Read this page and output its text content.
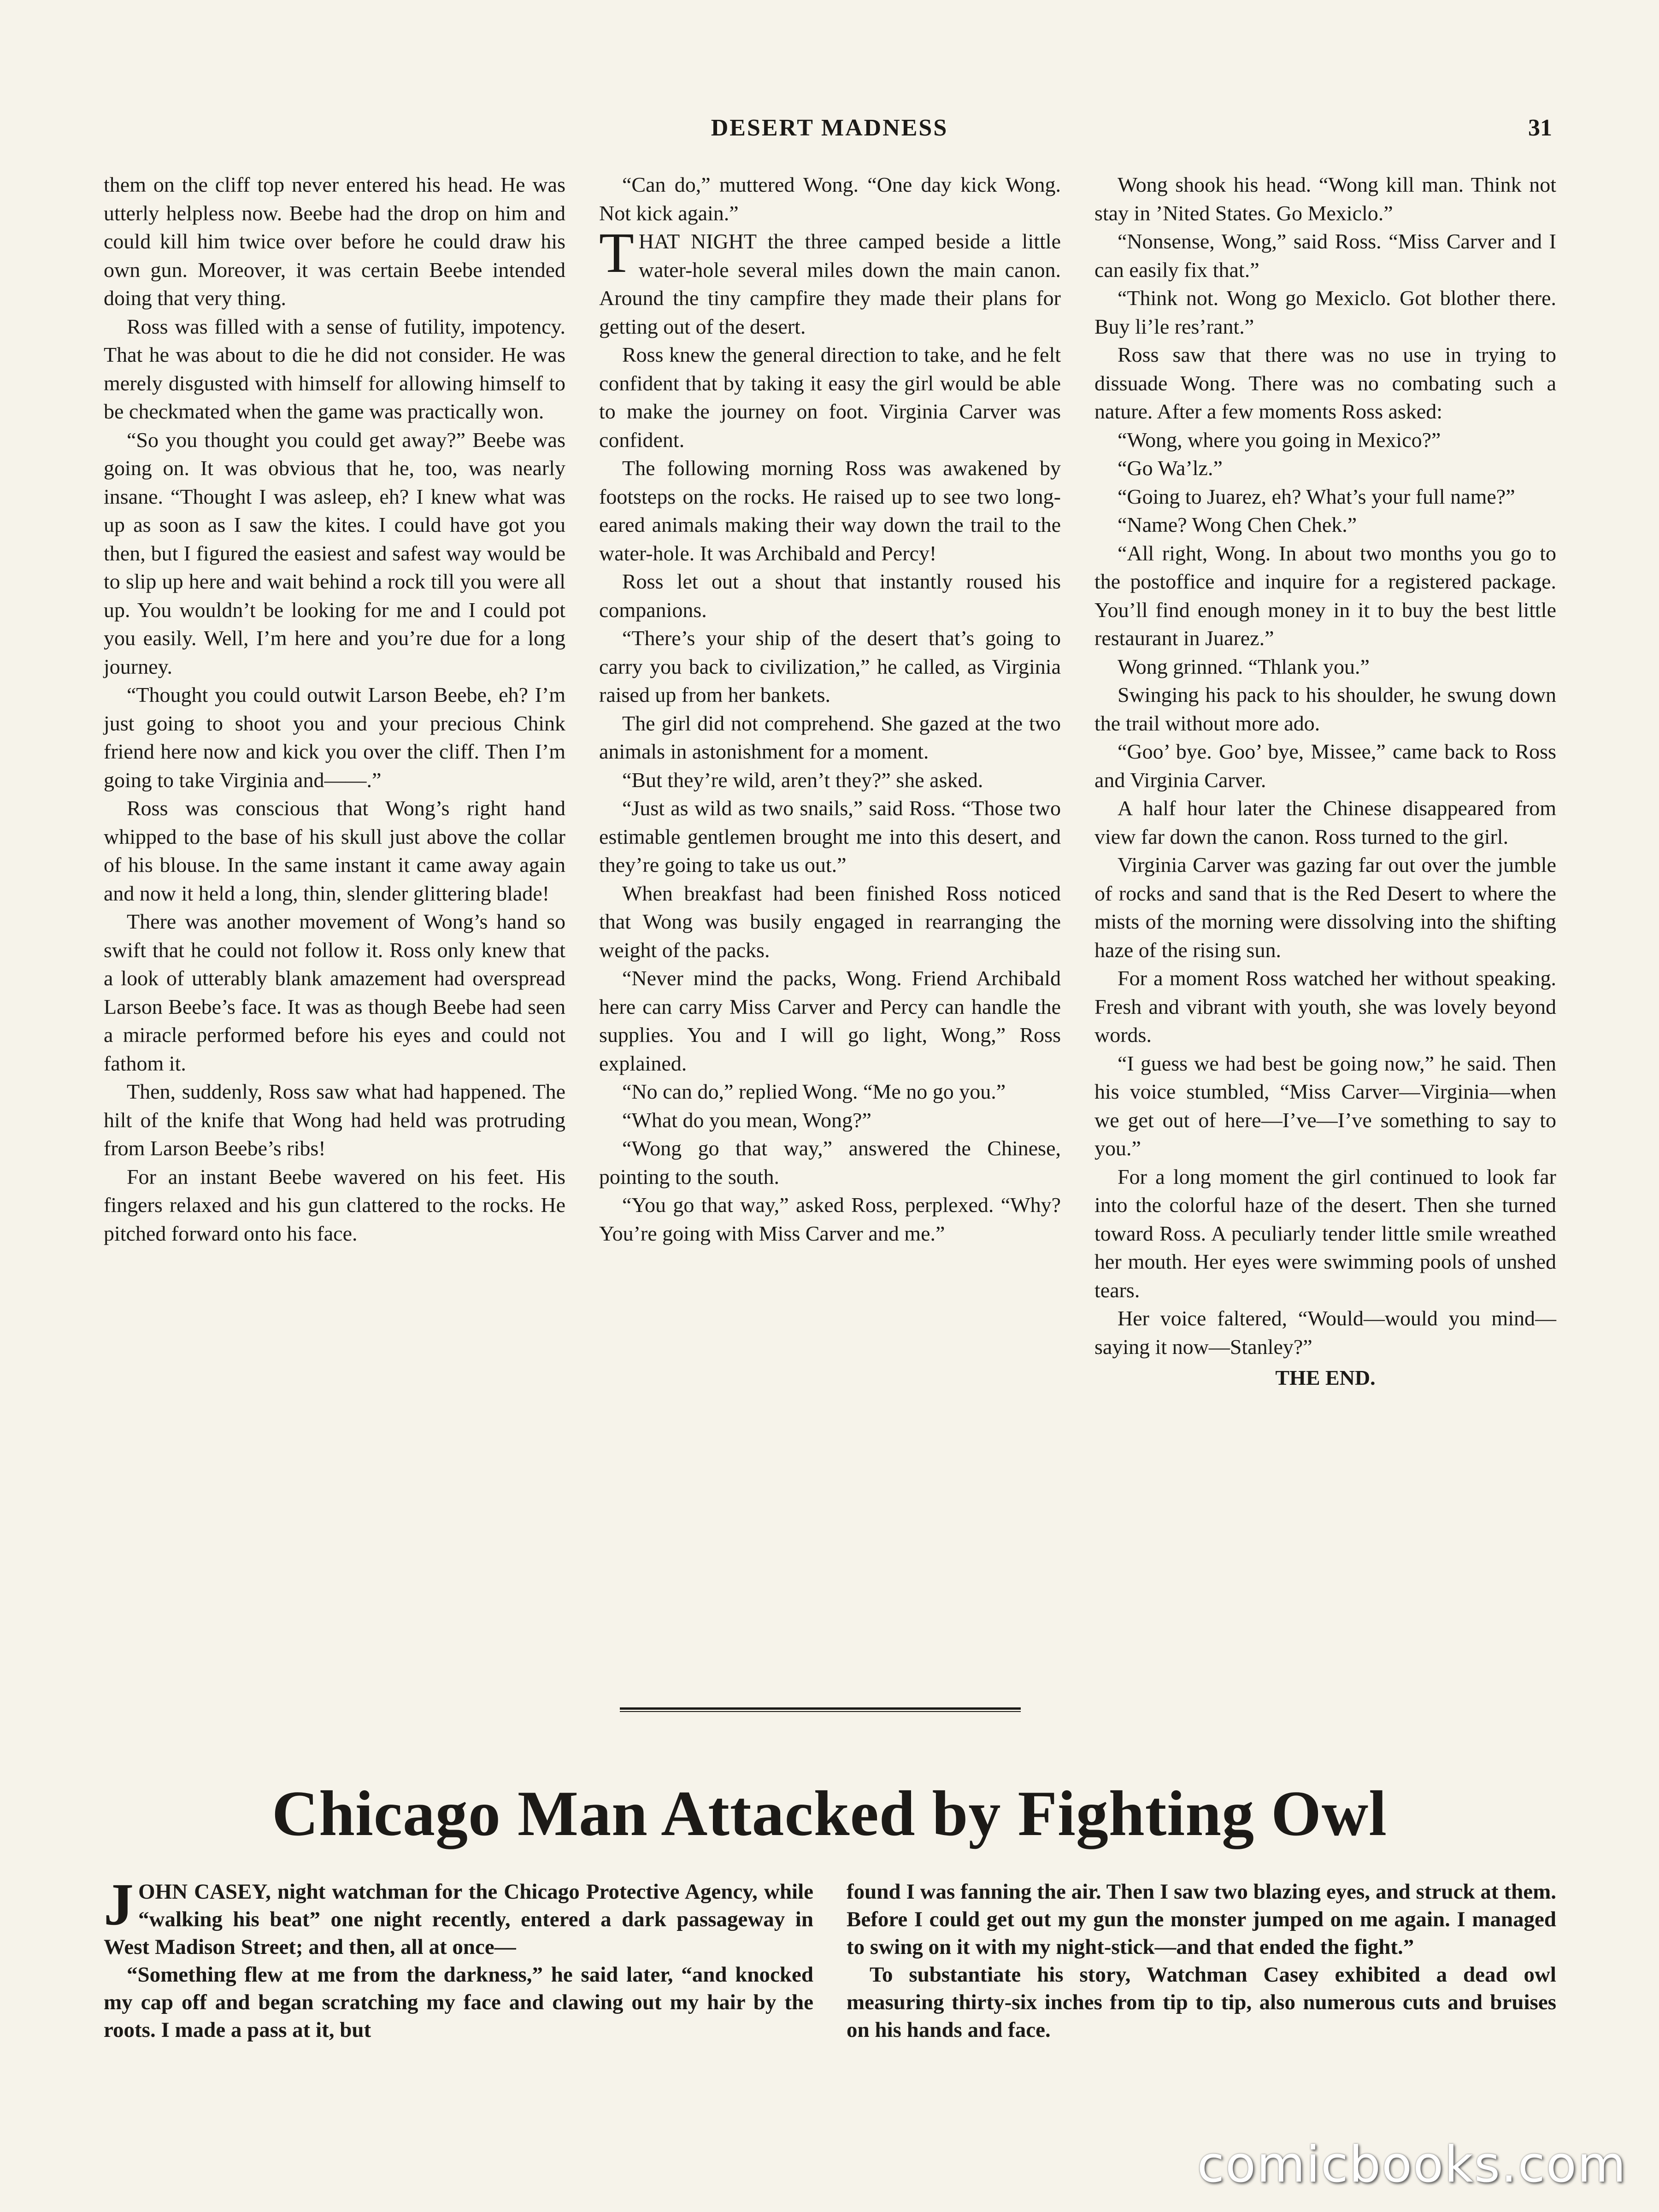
DESERT MADNESS	31

them on the cliff top never entered his head. He was utterly helpless now. Beebe had the drop on him and could kill him twice over before he could draw his own gun. Moreover, it was certain Beebe intended doing that very thing.

Ross was filled with a sense of futility, impotency. That he was about to die he did not consider. He was merely disgusted with himself for allowing himself to be checkmated when the game was practically won.

“So you thought you could get away?” Beebe was going on. It was obvious that he, too, was nearly insane. “Thought I was asleep, eh? I knew what was up as soon as I saw the kites. I could have got you then, but I figured the easiest and safest way would be to slip up here and wait behind a rock till you were all up. You wouldn’t be looking for me and I could pot you easily. Well, I’m here and you’re due for a long journey.

“Thought you could outwit Larson Beebe, eh? I’m just going to shoot you and your precious Chink friend here now and kick you over the cliff. Then I’m going to take Virginia and——.”

Ross was conscious that Wong’s right hand whipped to the base of his skull just above the collar of his blouse. In the same instant it came away again and now it held a long, thin, slender glittering blade!

There was another movement of Wong’s hand so swift that he could not follow it. Ross only knew that a look of utterably blank amazement had overspread Larson Beebe’s face. It was as though Beebe had seen a miracle performed before his eyes and could not fathom it.

Then, suddenly, Ross saw what had happened. The hilt of the knife that Wong had held was protruding from Larson Beebe’s ribs!

For an instant Beebe wavered on his feet. His fingers relaxed and his gun clattered to the rocks. He pitched forward onto his face.

“Can do,” muttered Wong. “One day kick Wong. Not kick again.”

THAT NIGHT the three camped beside a little water-hole several miles down the main canon. Around the tiny campfire they made their plans for getting out of the desert.

Ross knew the general direction to take, and he felt confident that by taking it easy the girl would be able to make the journey on foot. Virginia Carver was confident.

The following morning Ross was awakened by footsteps on the rocks. He raised up to see two long-eared animals making their way down the trail to the water-hole. It was Archibald and Percy!

Ross let out a shout that instantly roused his companions.

“There’s your ship of the desert that’s going to carry you back to civilization,” he called, as Virginia raised up from her bankets.

The girl did not comprehend. She gazed at the two animals in astonishment for a moment.

“But they’re wild, aren’t they?” she asked.

“Just as wild as two snails,” said Ross. “Those two estimable gentlemen brought me into this desert, and they’re going to take us out.”

When breakfast had been finished Ross noticed that Wong was busily engaged in rearranging the weight of the packs.

“Never mind the packs, Wong. Friend Archibald here can carry Miss Carver and Percy can handle the supplies. You and I will go light, Wong,” Ross explained.

“No can do,” replied Wong. “Me no go you.”

“What do you mean, Wong?”

“Wong go that way,” answered the Chinese, pointing to the south.

“You go that way,” asked Ross, perplexed. “Why? You’re going with Miss Carver and me.”

Wong shook his head. “Wong kill man. Think not stay in ’Nited States. Go Mexiclo.”

“Nonsense, Wong,” said Ross. “Miss Carver and I can easily fix that.”

“Think not. Wong go Mexiclo. Got blother there. Buy li’le res’rant.”

Ross saw that there was no use in trying to dissuade Wong. There was no combating such a nature. After a few moments Ross asked:

“Wong, where you going in Mexico?”

“Go Wa’lz.”

“Going to Juarez, eh? What’s your full name?”

“Name? Wong Chen Chek.”

“All right, Wong. In about two months you go to the postoffice and inquire for a registered package. You’ll find enough money in it to buy the best little restaurant in Juarez.”

Wong grinned. “Thlank you.”

Swinging his pack to his shoulder, he swung down the trail without more ado.

“Goo’ bye. Goo’ bye, Missee,” came back to Ross and Virginia Carver.

A half hour later the Chinese disappeared from view far down the canon. Ross turned to the girl.

Virginia Carver was gazing far out over the jumble of rocks and sand that is the Red Desert to where the mists of the morning were dissolving into the shifting haze of the rising sun.

For a moment Ross watched her without speaking. Fresh and vibrant with youth, she was lovely beyond words.

“I guess we had best be going now,” he said. Then his voice stumbled, “Miss Carver—Virginia—when we get out of here—I’ve—I’ve something to say to you.”

For a long moment the girl continued to look far into the colorful haze of the desert. Then she turned toward Ross. A peculiarly tender little smile wreathed her mouth. Her eyes were swimming pools of unshed tears.

Her voice faltered, “Would—would you mind—saying it now—Stanley?”

THE END.

Chicago Man Attacked by Fighting Owl

JOHN CASEY, night watchman for the Chicago Protective Agency, while “walking his beat” one night recently, entered a dark passageway in West Madison Street; and then, all at once—

“Something flew at me from the darkness,” he said later, “and knocked my cap off and began scratching my face and clawing out my hair by the roots. I made a pass at it, but

found I was fanning the air. Then I saw two blazing eyes, and struck at them. Before I could get out my gun the monster jumped on me again. I managed to swing on it with my night-stick—and that ended the fight.”

To substantiate his story, Watchman Casey exhibited a dead owl measuring thirty-six inches from tip to tip, also numerous cuts and bruises on his hands and face.

comicbooks.com
